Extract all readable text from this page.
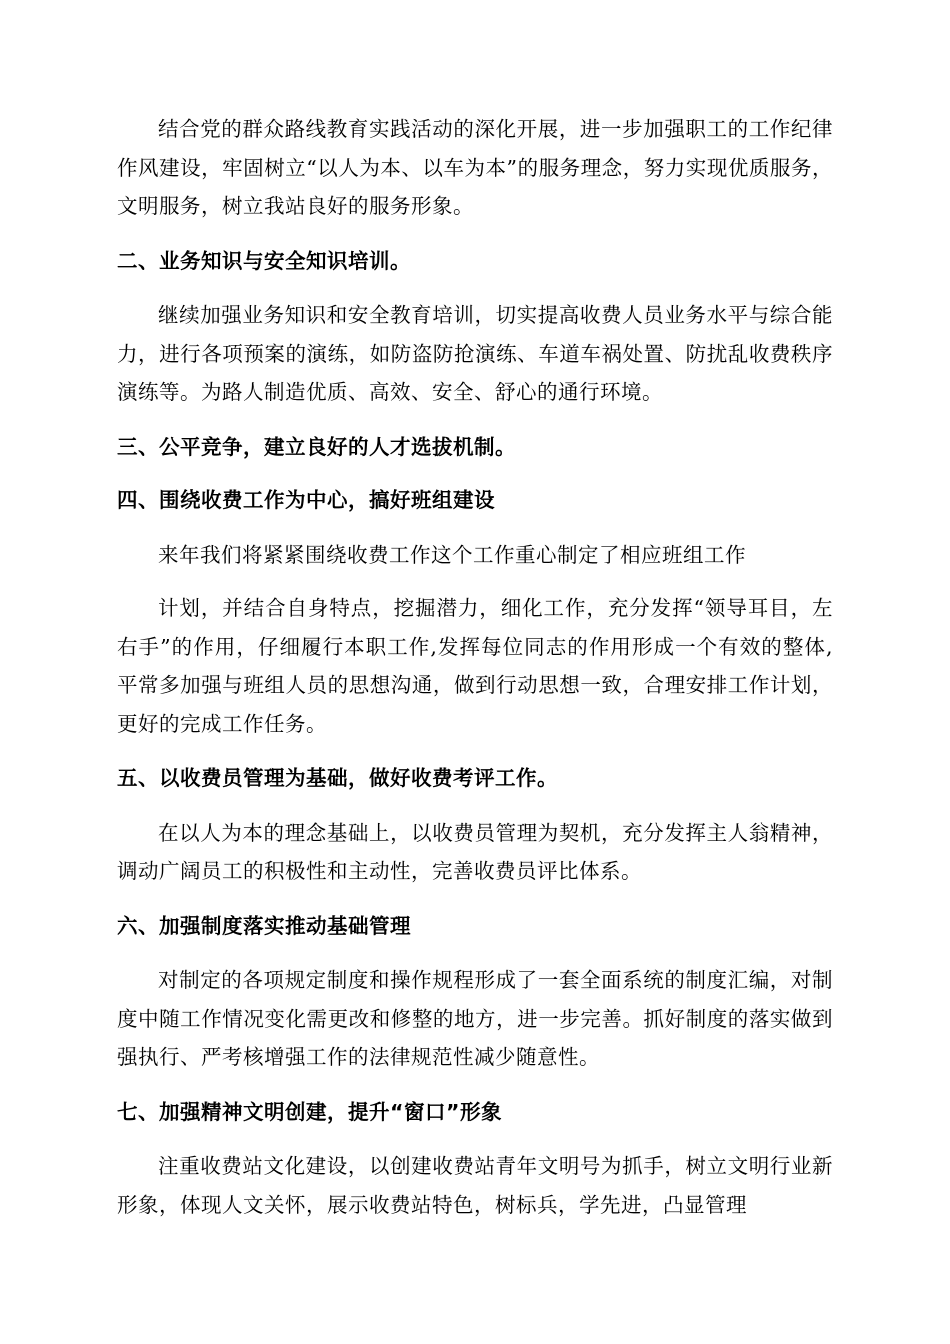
结合党的群众路线教育实践活动的深化开展，进一步加强职工的工作纪律作风建设，牢固树立“以人为本、以车为本”的服务理念，努力实现优质服务，文明服务，树立我站良好的服务形象。

二、业务知识与安全知识培训。

继续加强业务知识和安全教育培训，切实提高收费人员业务水平与综合能力，进行各项预案的演练，如防盗防抢演练、车道车祸处置、防扰乱收费秩序演练等。为路人制造优质、高效、安全、舒心的通行环境。

三、公平竞争，建立良好的人才选拔机制。

四、围绕收费工作为中心，搞好班组建设

来年我们将紧紧围绕收费工作这个工作重心制定了相应班组工作

计划，并结合自身特点，挖掘潜力，细化工作，充分发挥“领导耳目，左右手”的作用，仔细履行本职工作,发挥每位同志的作用形成一个有效的整体,平常多加强与班组人员的思想沟通，做到行动思想一致，合理安排工作计划，更好的完成工作任务。

五、以收费员管理为基础，做好收费考评工作。

在以人为本的理念基础上，以收费员管理为契机，充分发挥主人翁精神，调动广阔员工的积极性和主动性，完善收费员评比体系。

六、加强制度落实推动基础管理

对制定的各项规定制度和操作规程形成了一套全面系统的制度汇编，对制度中随工作情况变化需更改和修整的地方，进一步完善。抓好制度的落实做到强执行、严考核增强工作的法律规范性减少随意性。

七、加强精神文明创建，提升“窗口”形象

注重收费站文化建设，以创建收费站青年文明号为抓手，树立文明行业新形象，体现人文关怀，展示收费站特色，树标兵，学先进，凸显管理
